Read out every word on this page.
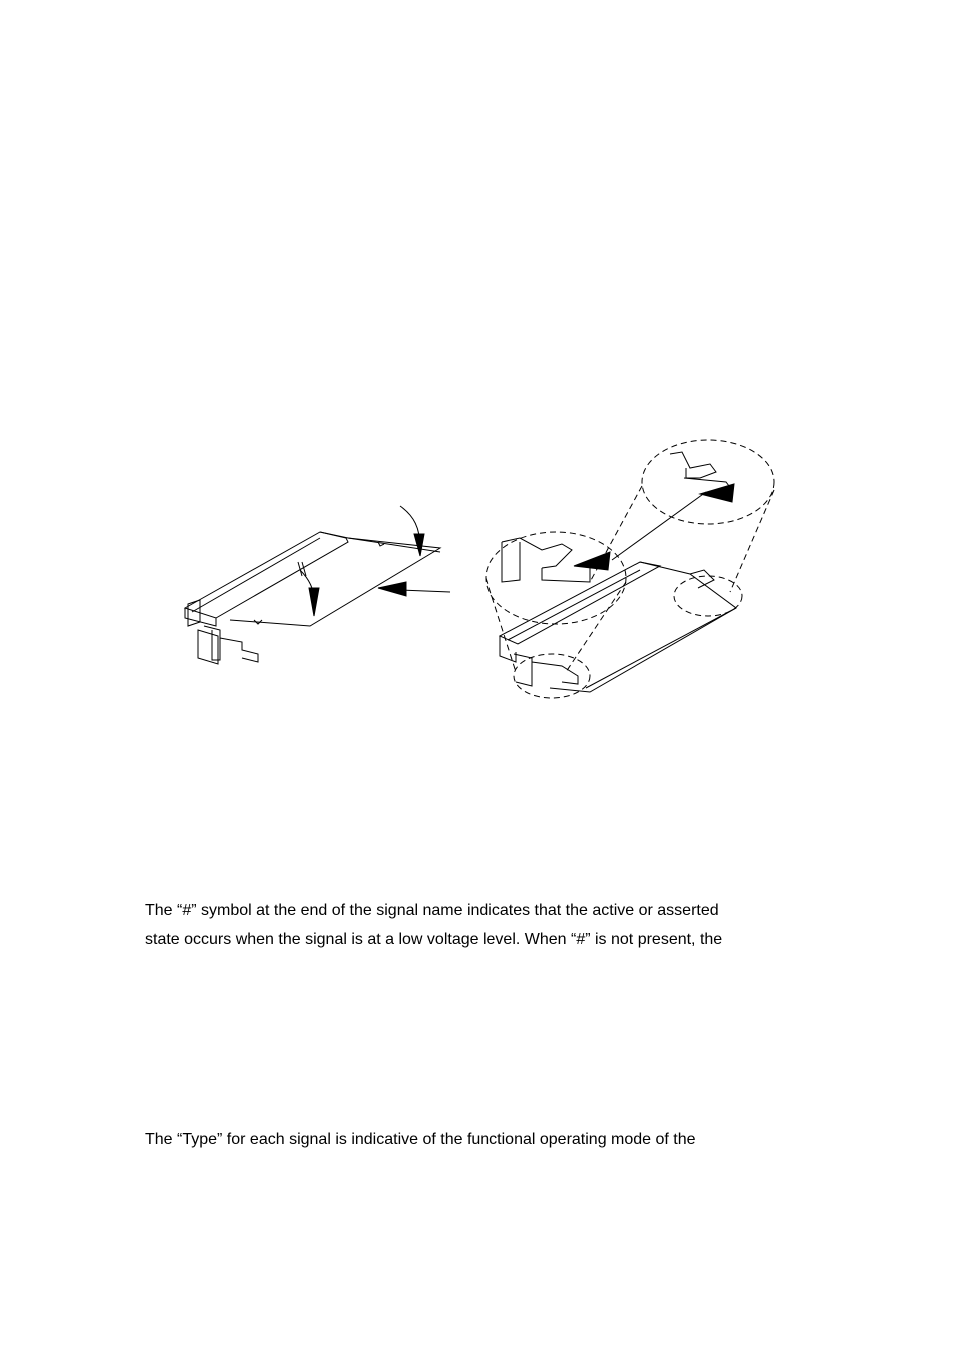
The “#” symbol at the end of the signal name indicates that the active or asserted
state occurs when the signal is at a low voltage level. When “#” is not present, the
The “Type” for each signal is indicative of the functional operating mode of the
